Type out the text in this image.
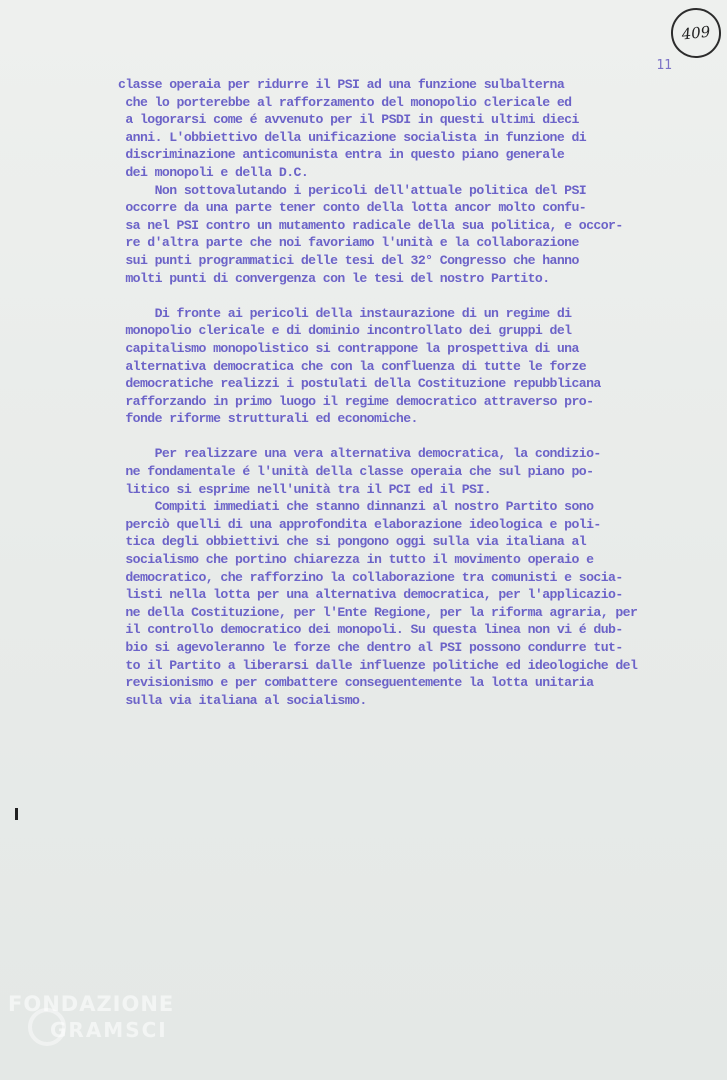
409
11
classe operaia per ridurre il PSI ad una funzione sulbalterna
che lo porterebbe al rafforzamento del monopolio clericale ed
a logorarsi come é avvenuto per il PSDI in questi ultimi dieci
anni. L'obbiettivo della unificazione socialista in funzione di
discriminazione anticomunista entra in questo piano generale
dei monopoli e della D.C.
Non sottovalutando i pericoli dell'attuale politica del PSI
occorre da una parte tener conto della lotta ancor molto confu-
sa nel PSI contro un mutamento radicale della sua politica, e occor-
re d'altra parte che noi favoriamo l'unità e la collaborazione
sui punti programmatici delle tesi del 32° Congresso che hanno
molti punti di convergenza con le tesi del nostro Partito.

Di fronte ai pericoli della instaurazione di un regime di
monopolio clericale e di dominio incontrollato dei gruppi del
capitalismo monopolistico si contrappone la prospettiva di una
alternativa democratica che con la confluenza di tutte le forze
democratiche realizzi i postulati della Costituzione repubblicana
rafforzando in primo luogo il regime democratico attraverso pro-
fonde riforme strutturali ed economiche.

Per realizzare una vera alternativa democratica, la condizio-
ne fondamentale é l'unità della classe operaia che sul piano po-
litico si esprime nell'unità tra il PCI ed il PSI.
Compiti immediati che stanno dinnanzi al nostro Partito sono
perciò quelli di una approfondita elaborazione ideologica e poli-
tica degli obbiettivi che si pongono oggi sulla via italiana al
socialismo che portino chiarezza in tutto il movimento operaio e
democratico, che rafforzino la collaborazione tra comunisti e socia-
listi nella lotta per una alternativa democratica, per l'applicazio-
ne della Costituzione, per l'Ente Regione, per la riforma agraria, per
il controllo democratico dei monopoli. Su questa linea non vi é dub-
bio si agevoleranno le forze che dentro al PSI possono condurre tut-
to il Partito a liberarsi dalle influenze politiche ed ideologiche del
revisionismo e per combattere conseguentemente la lotta unitaria
sulla via italiana al socialismo.
FONDAZIONE
GRAMSCI
